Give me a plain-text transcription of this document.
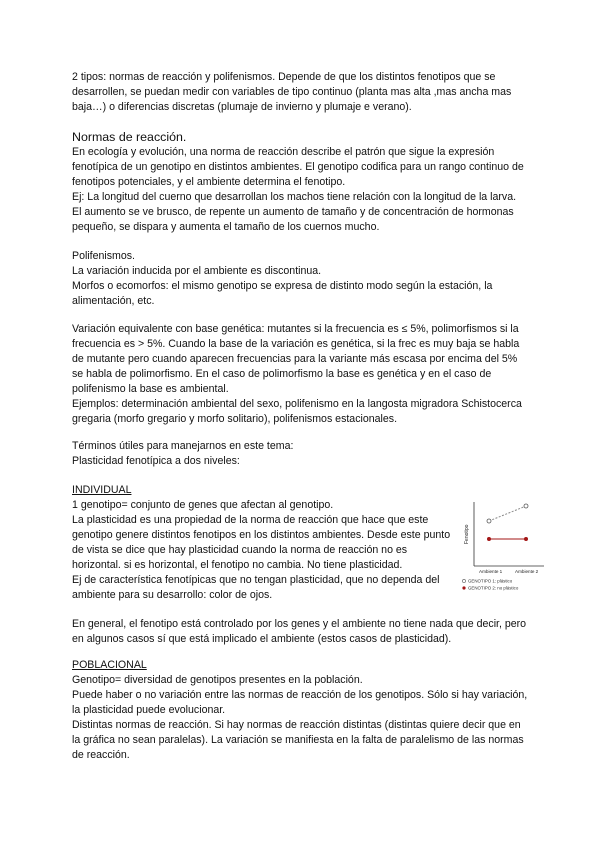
2 tipos: normas de reacción y polifenismos. Depende de que los distintos fenotipos que se desarrollen, se puedan medir con variables de tipo continuo (planta mas alta ,mas ancha mas baja…) o diferencias discretas (plumaje de invierno y plumaje e verano).

Normas de reacción.

En ecología y evolución, una norma de reacción describe el patrón que sigue la expresión fenotípica de un genotipo en distintos ambientes. El genotipo codifica para un rango continuo de fenotipos potenciales, y el ambiente determina el fenotipo.

Ej: La longitud del cuerno que desarrollan los machos tiene relación con la longitud de la larva. El aumento se ve brusco, de repente un aumento de tamaño y de concentración de hormonas pequeño, se dispara y aumenta el tamaño de los cuernos mucho.

Polifenismos.

La variación inducida por el ambiente es discontinua.

Morfos o ecomorfos: el mismo genotipo se expresa de distinto modo según la estación, la alimentación, etc.

Variación equivalente con base genética: mutantes si la frecuencia es ≤ 5%, polimorfismos si la frecuencia es > 5%. Cuando la base de la variación es genética, si la frec es muy baja se habla de mutante pero cuando aparecen frecuencias para la variante más escasa por encima del 5% se habla de polimorfismo. En el caso de polimorfismo la base es genética y en el caso de polifenismo la base es ambiental.

Ejemplos: determinación ambiental del sexo, polifenismo en la langosta migradora Schistocerca gregaria (morfo gregario y morfo solitario), polifenismos estacionales.

Términos útiles para manejarnos en este tema:

Plasticidad fenotípica a dos niveles:

INDIVIDUAL

1 genotipo= conjunto de genes que afectan al genotipo.

La plasticidad es una propiedad de la norma de reacción que hace que este genotipo genere distintos fenotipos en los distintos ambientes. Desde este punto de vista se dice que hay plasticidad cuando la norma de reacción no es horizontal. si es horizontal, el fenotipo no cambia. No tiene plasticidad.

Ej de característica fenotípicas que no tengan plasticidad, que no dependa del ambiente para su desarrollo: color de ojos.

Fenotipo
Ambiente 1	Ambiente 2
GENOTIPO 1: plástico
GENOTIPO 2: no plástico

En general, el fenotipo está controlado por los genes y el ambiente no tiene nada que decir, pero en algunos casos sí que está implicado el ambiente (estos casos de plasticidad).

POBLACIONAL

Genotipo= diversidad de genotipos presentes en la población.

Puede haber o no variación entre las normas de reacción de los genotipos. Sólo si hay variación, la plasticidad puede evolucionar.

Distintas normas de reacción. Si hay normas de reacción distintas (distintas quiere decir que en la gráfica no sean paralelas). La variación se manifiesta en la falta de paralelismo de las normas de reacción.
